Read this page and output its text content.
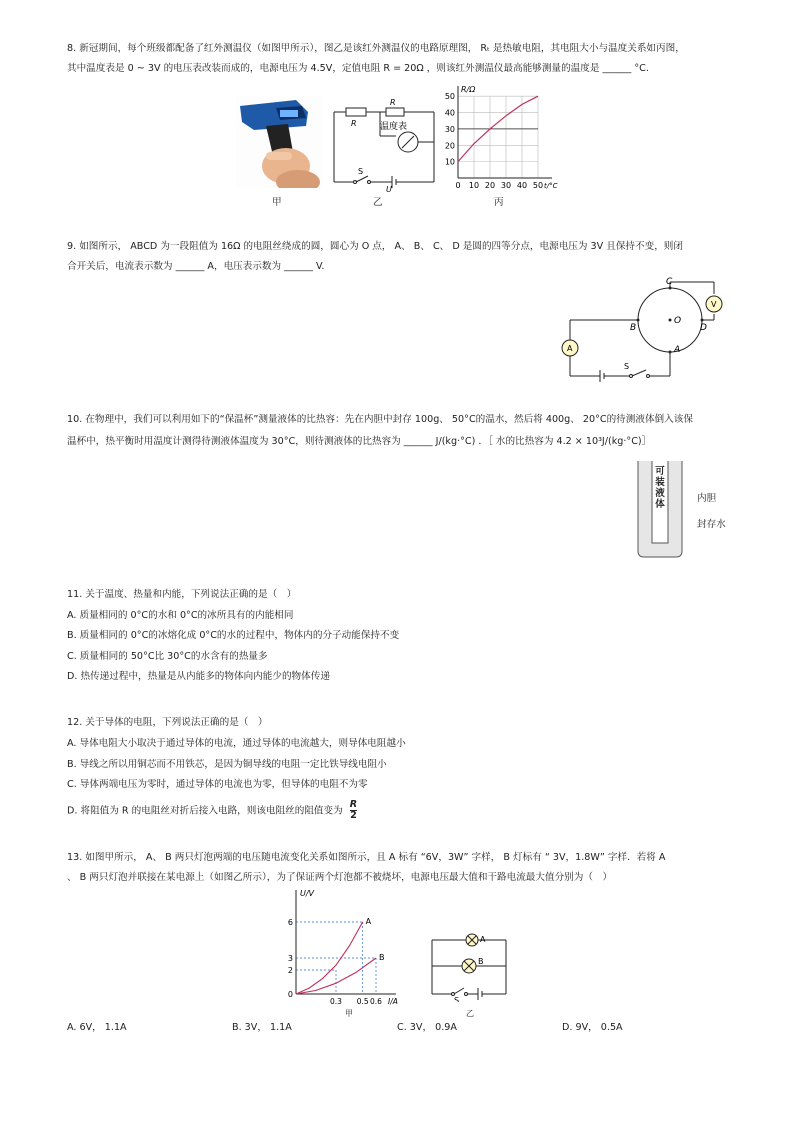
8. 新冠期间，每个班级都配备了红外测温仪（如图甲所示），图乙是该红外测温仪的电路原理图， Rₜ 是热敏电阻，其电阻大小与温度关系如丙图，
其中温度表是 0 ~ 3V 的电压表改装而成的，电源电压为 4.5V，定值电阻 R = 20Ω ，则该红外测温仪最高能够测量的温度是 ______ °C.
甲
R
R
温度表
S
U
乙
10
20
30
40
50
0 10 20 30 40 50
R/Ω
t/°C
丙
9. 如图所示， ABCD 为一段阻值为 16Ω 的电阻丝绕成的圆，圆心为 O 点， A、 B、 C、 D 是圆的四等分点，电源电压为 3V 且保持不变，则闭
合开关后，电流表示数为 ______ A，电压表示数为 ______ V.
A
V
A
B
C
D
O
S
10. 在物理中，我们可以利用如下的“保温杯”测量液体的比热容：先在内胆中封存 100g、 50°C的温水，然后将 400g、 20°C的待测液体倒入该保
温杯中，热平衡时用温度计测得待测液体温度为 30°C，则待测液体的比热容为 ______ J/(kg·°C) ．［ 水的比热容为 4.2 × 10³J/(kg·°C)］
可装液体
内胆
封存水
11. 关于温度、热量和内能，下列说法正确的是（　）
A. 质量相同的 0°C的水和 0°C的冰所具有的内能相同
B. 质量相同的 0°C的冰熔化成 0°C的水的过程中，物体内的分子动能保持不变
C. 质量相同的 50°C比 30°C的水含有的热量多
D. 热传递过程中，热量是从内能多的物体向内能少的物体传递
12. 关于导体的电阻，下列说法正确的是（　）
A. 导体电阻大小取决于通过导体的电流，通过导体的电流越大，则导体电阻越小
B. 导线之所以用铜芯而不用铁芯，是因为铜导线的电阻一定比铁导线电阻小
C. 导体两端电压为零时，通过导体的电流也为零，但导体的电阻不为零
D. 将阻值为 R 的电阻丝对折后接入电路，则该电阻丝的阻值变为 $\frac{R}{2}$
13. 如图甲所示， A、 B 两只灯泡两端的电压随电流变化关系如图所示，且 A 标有 “6V，3W” 字样， B 灯标有 “ 3V，1.8W” 字样．若将 A
、 B 两只灯泡并联接在某电源上（如图乙所示），为了保证两个灯泡都不被烧坏，电源电压最大值和干路电流最大值分别为（　）
0
2
3
6
0.3 0.5 0.6
A
B
U/V
I/A
甲
A
B
S
乙
A. 6V， 1.1A	B. 3V， 1.1A	C. 3V， 0.9A	D. 9V， 0.5A
